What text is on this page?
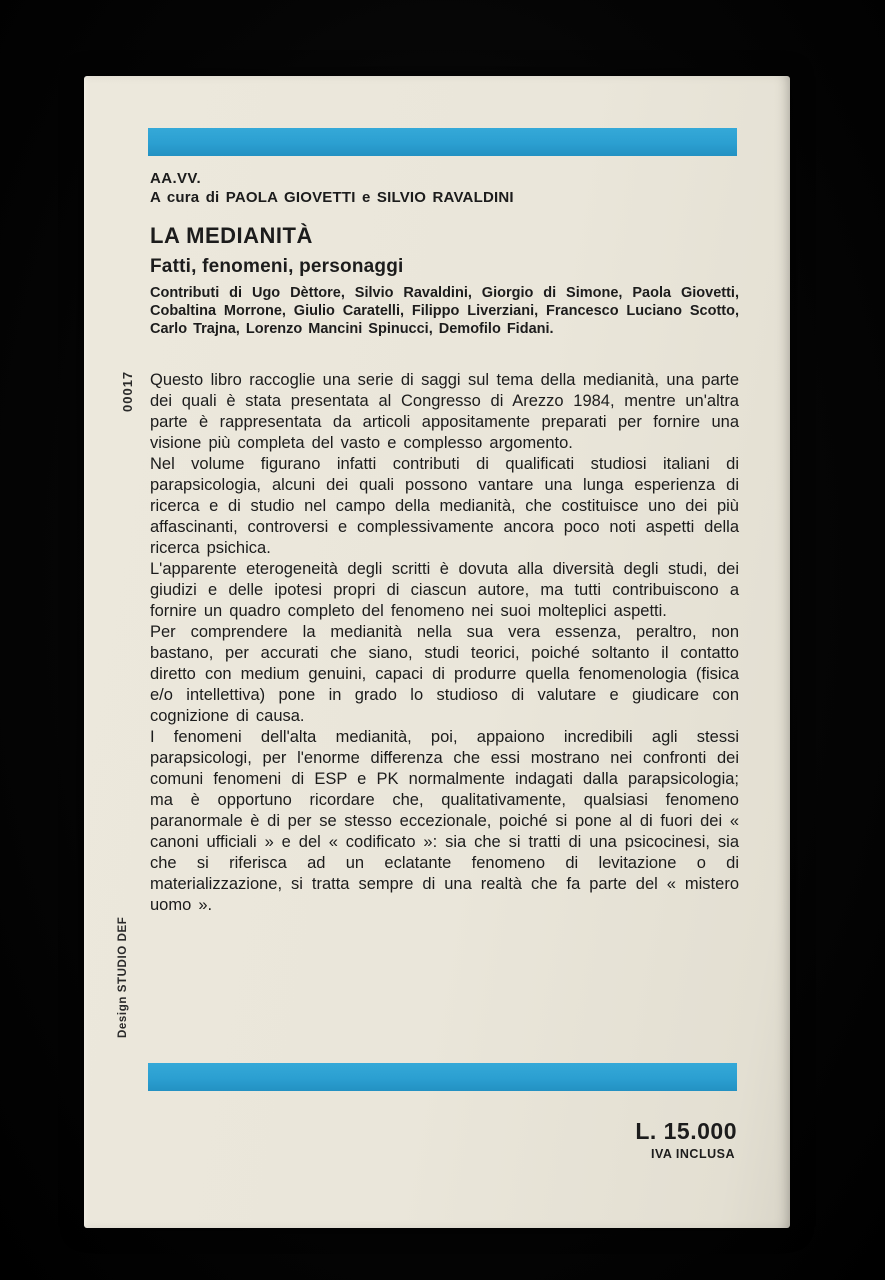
AA.VV.
A cura di PAOLA GIOVETTI e SILVIO RAVALDINI
LA MEDIANITÀ
Fatti, fenomeni, personaggi
Contributi di Ugo Dèttore, Silvio Ravaldini, Giorgio di Simone, Paola Giovetti, Cobaltina Morrone, Giulio Caratelli, Filippo Liverziani, Francesco Luciano Scotto, Carlo Trajna, Lorenzo Mancini Spinucci, Demofilo Fidani.
00017
Design STUDIO DEF

Questo libro raccoglie una serie di saggi sul tema della medianità, una parte dei quali è stata presentata al Congresso di Arezzo 1984, mentre un'altra parte è rappresentata da articoli appositamente preparati per fornire una visione più completa del vasto e complesso argomento.

Nel volume figurano infatti contributi di qualificati studiosi italiani di parapsicologia, alcuni dei quali possono vantare una lunga esperienza di ricerca e di studio nel campo della medianità, che costituisce uno dei più affascinanti, controversi e complessivamente ancora poco noti aspetti della ricerca psichica.

L'apparente eterogeneità degli scritti è dovuta alla diversità degli studi, dei giudizi e delle ipotesi propri di ciascun autore, ma tutti contribuiscono a fornire un quadro completo del fenomeno nei suoi molteplici aspetti.

Per comprendere la medianità nella sua vera essenza, peraltro, non bastano, per accurati che siano, studi teorici, poiché soltanto il contatto diretto con medium genuini, capaci di produrre quella fenomenologia (fisica e/o intellettiva) pone in grado lo studioso di valutare e giudicare con cognizione di causa.

I fenomeni dell'alta medianità, poi, appaiono incredibili agli stessi parapsicologi, per l'enorme differenza che essi mostrano nei confronti dei comuni fenomeni di ESP e PK normalmente indagati dalla parapsicologia; ma è opportuno ricordare che, qualitativamente, qualsiasi fenomeno paranormale è di per se stesso eccezionale, poiché si pone al di fuori dei « canoni ufficiali » e del « codificato »: sia che si tratti di una psicocinesi, sia che si riferisca ad un eclatante fenomeno di levitazione o di materializzazione, si tratta sempre di una realtà che fa parte del « mistero uomo ».

L. 15.000
IVA INCLUSA
